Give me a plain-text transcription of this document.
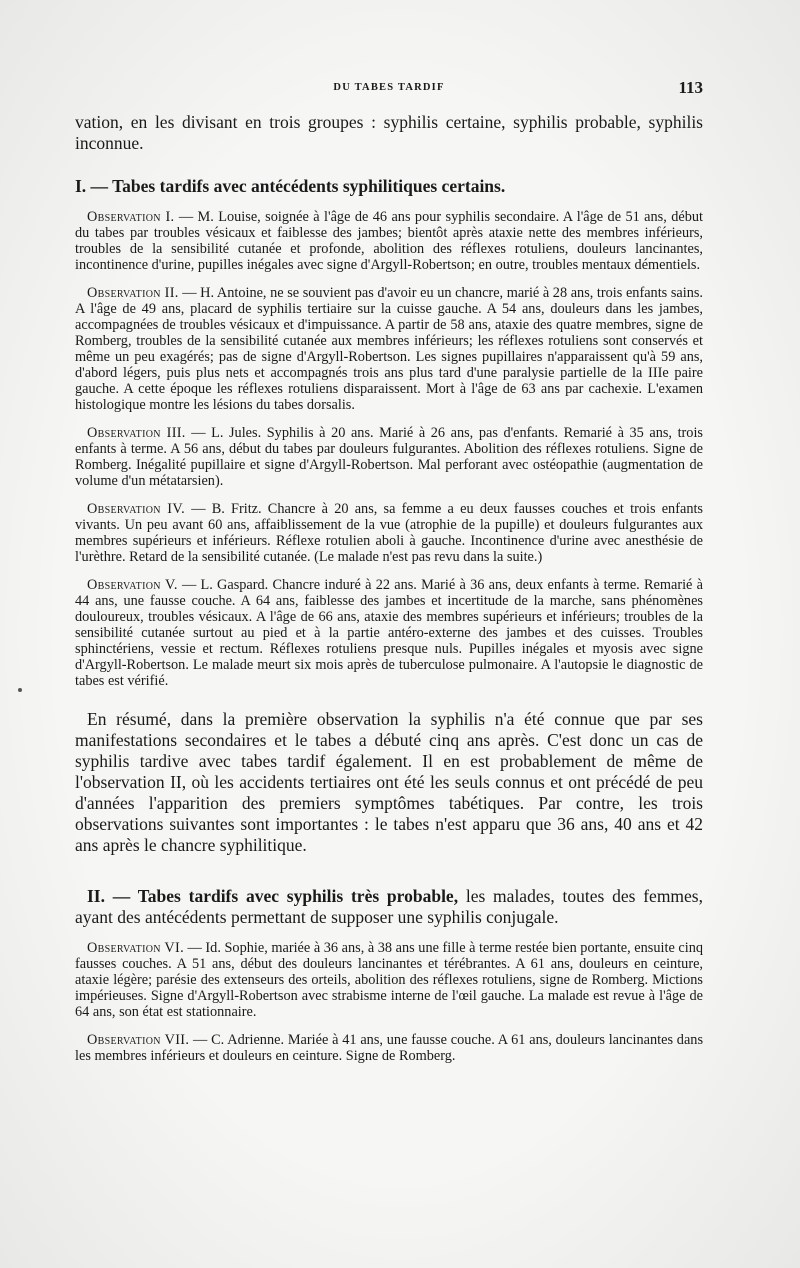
DU TABES TARDIF	113

vation, en les divisant en trois groupes : syphilis certaine, syphilis probable, syphilis inconnue.

I. — Tabes tardifs avec antécédents syphilitiques certains.

Observation I. — M. Louise, soignée à l'âge de 46 ans pour syphilis secondaire. A l'âge de 51 ans, début du tabes par troubles vésicaux et faiblesse des jambes; bientôt après ataxie nette des membres inférieurs, troubles de la sensibilité cutanée et profonde, abolition des réflexes rotuliens, douleurs lancinantes, incontinence d'urine, pupilles inégales avec signe d'Argyll-Robertson; en outre, troubles mentaux démentiels.

Observation II. — H. Antoine, ne se souvient pas d'avoir eu un chancre, marié à 28 ans, trois enfants sains. A l'âge de 49 ans, placard de syphilis tertiaire sur la cuisse gauche. A 54 ans, douleurs dans les jambes, accompagnées de troubles vésicaux et d'impuissance. A partir de 58 ans, ataxie des quatre membres, signe de Romberg, troubles de la sensibilité cutanée aux membres inférieurs; les réflexes rotuliens sont conservés et même un peu exagérés; pas de signe d'Argyll-Robertson. Les signes pupillaires n'apparaissent qu'à 59 ans, d'abord légers, puis plus nets et accompagnés trois ans plus tard d'une paralysie partielle de la IIIe paire gauche. A cette époque les réflexes rotuliens disparaissent. Mort à l'âge de 63 ans par cachexie. L'examen histologique montre les lésions du tabes dorsalis.

Observation III. — L. Jules. Syphilis à 20 ans. Marié à 26 ans, pas d'enfants. Remarié à 35 ans, trois enfants à terme. A 56 ans, début du tabes par douleurs fulgurantes. Abolition des réflexes rotuliens. Signe de Romberg. Inégalité pupillaire et signe d'Argyll-Robertson. Mal perforant avec ostéopathie (augmentation de volume d'un métatarsien).

Observation IV. — B. Fritz. Chancre à 20 ans, sa femme a eu deux fausses couches et trois enfants vivants. Un peu avant 60 ans, affaiblissement de la vue (atrophie de la pupille) et douleurs fulgurantes aux membres supérieurs et inférieurs. Réflexe rotulien aboli à gauche. Incontinence d'urine avec anesthésie de l'urèthre. Retard de la sensibilité cutanée. (Le malade n'est pas revu dans la suite.)

Observation V. — L. Gaspard. Chancre induré à 22 ans. Marié à 36 ans, deux enfants à terme. Remarié à 44 ans, une fausse couche. A 64 ans, faiblesse des jambes et incertitude de la marche, sans phénomènes douloureux, troubles vésicaux. A l'âge de 66 ans, ataxie des membres supérieurs et inférieurs; troubles de la sensibilité cutanée surtout au pied et à la partie antéro-externe des jambes et des cuisses. Troubles sphinctériens, vessie et rectum. Réflexes rotuliens presque nuls. Pupilles inégales et myosis avec signe d'Argyll-Robertson. Le malade meurt six mois après de tuberculose pulmonaire. A l'autopsie le diagnostic de tabes est vérifié.

En résumé, dans la première observation la syphilis n'a été connue que par ses manifestations secondaires et le tabes a débuté cinq ans après. C'est donc un cas de syphilis tardive avec tabes tardif également. Il en est probablement de même de l'observation II, où les accidents tertiaires ont été les seuls connus et ont précédé de peu d'années l'apparition des premiers symptômes tabétiques. Par contre, les trois observations suivantes sont importantes : le tabes n'est apparu que 36 ans, 40 ans et 42 ans après le chancre syphilitique.

II. — Tabes tardifs avec syphilis très probable, les malades, toutes des femmes, ayant des antécédents permettant de supposer une syphilis conjugale.

Observation VI. — Id. Sophie, mariée à 36 ans, à 38 ans une fille à terme restée bien portante, ensuite cinq fausses couches. A 51 ans, début des douleurs lancinantes et térébrantes. A 61 ans, douleurs en ceinture, ataxie légère; parésie des extenseurs des orteils, abolition des réflexes rotuliens, signe de Romberg. Mictions impérieuses. Signe d'Argyll-Robertson avec strabisme interne de l'œil gauche. La malade est revue à l'âge de 64 ans, son état est stationnaire.

Observation VII. — C. Adrienne. Mariée à 41 ans, une fausse couche. A 61 ans, douleurs lancinantes dans les membres inférieurs et douleurs en ceinture. Signe de Romberg.
